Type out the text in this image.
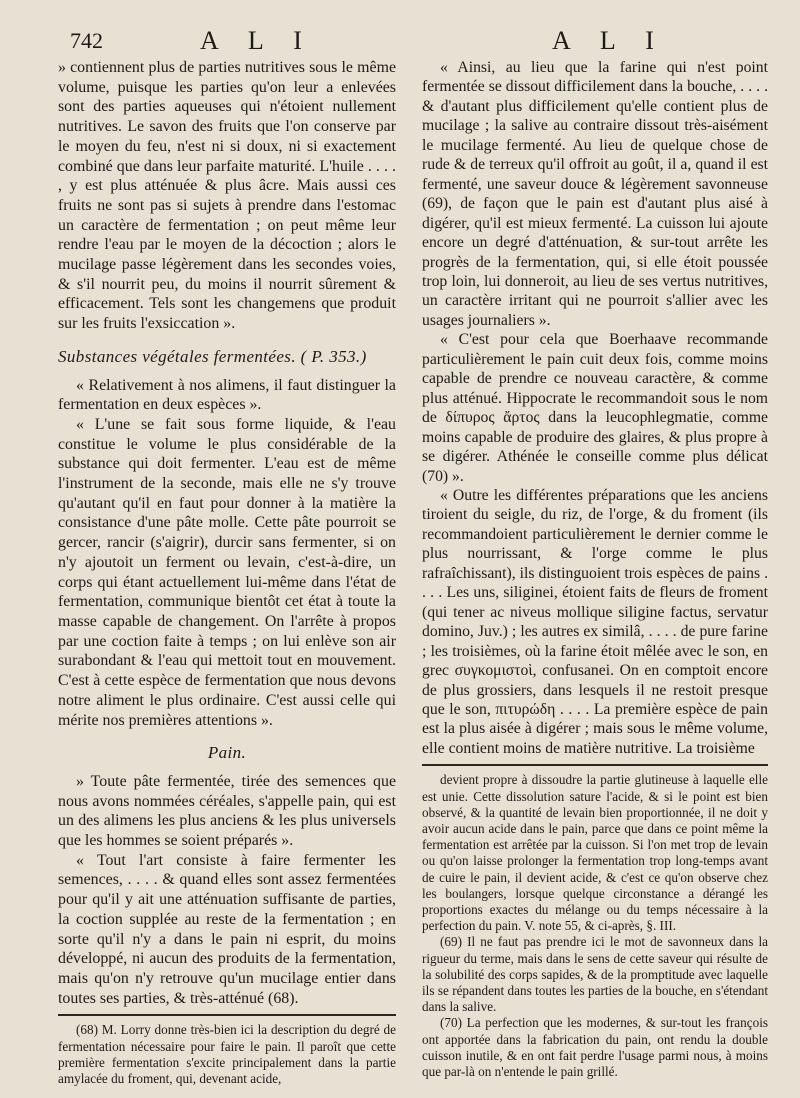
742	A L I	A L I

» contiennent plus de parties nutritives sous le même volume, puisque les parties qu'on leur a enlevées sont des parties aqueuses qui n'étoient nullement nutritives. Le savon des fruits que l'on conserve par le moyen du feu, n'est ni si doux, ni si exactement combiné que dans leur parfaite maturité. L'huile . . . . , y est plus atténuée & plus âcre. Mais aussi ces fruits ne sont pas si sujets à prendre dans l'estomac un caractère de fermentation ; on peut même leur rendre l'eau par le moyen de la décoction ; alors le mucilage passe légèrement dans les secondes voies, & s'il nourrit peu, du moins il nourrit sûrement & efficacement. Tels sont les changemens que produit sur les fruits l'exsiccation ».

Substances végétales fermentées. ( P. 353.)

« Relativement à nos alimens, il faut distinguer la fermentation en deux espèces ».

« L'une se fait sous forme liquide, & l'eau constitue le volume le plus considérable de la substance qui doit fermenter. L'eau est de même l'instrument de la seconde, mais elle ne s'y trouve qu'autant qu'il en faut pour donner à la matière la consistance d'une pâte molle. Cette pâte pourroit se gercer, rancir (s'aigrir), durcir sans fermenter, si on n'y ajoutoit un ferment ou levain, c'est-à-dire, un corps qui étant actuellement lui-même dans l'état de fermentation, communique bientôt cet état à toute la masse capable de changement. On l'arrête à propos par une coction faite à temps ; on lui enlève son air surabondant & l'eau qui mettoit tout en mouvement. C'est à cette espèce de fermentation que nous devons notre aliment le plus ordinaire. C'est aussi celle qui mérite nos premières attentions ».

Pain.

» Toute pâte fermentée, tirée des semences que nous avons nommées céréales, s'appelle pain, qui est un des alimens les plus anciens & les plus universels que les hommes se soient préparés ».

« Tout l'art consiste à faire fermenter les semences, . . . . & quand elles sont assez fermentées pour qu'il y ait une atténuation suffisante de parties, la coction supplée au reste de la fermentation ; en sorte qu'il n'y a dans le pain ni esprit, du moins développé, ni aucun des produits de la fermentation, mais qu'on n'y retrouve qu'un mucilage entier dans toutes ses parties, & très-atténué (68).

(68) M. Lorry donne très-bien ici la description du degré de fermentation nécessaire pour faire le pain. Il paroît que cette première fermentation s'excite principalement dans la partie amylacée du froment, qui, devenant acide,

« Ainsi, au lieu que la farine qui n'est point fermentée se dissout difficilement dans la bouche, . . . . & d'autant plus difficilement qu'elle contient plus de mucilage ; la salive au contraire dissout très-aisément le mucilage fermenté. Au lieu de quelque chose de rude & de terreux qu'il offroit au goût, il a, quand il est fermenté, une saveur douce & légèrement savonneuse (69), de façon que le pain est d'autant plus aisé à digérer, qu'il est mieux fermenté. La cuisson lui ajoute encore un degré d'atténuation, & sur-tout arrête les progrès de la fermentation, qui, si elle étoit poussée trop loin, lui donneroit, au lieu de ses vertus nutritives, un caractère irritant qui ne pourroit s'allier avec les usages journaliers ».

« C'est pour cela que Boerhaave recommande particulièrement le pain cuit deux fois, comme moins capable de prendre ce nouveau caractère, & comme plus atténué. Hippocrate le recommandoit sous le nom de δίπυρος ἄρτος dans la leucophlegmatie, comme moins capable de produire des glaires, & plus propre à se digérer. Athénée le conseille comme plus délicat (70) ».

« Outre les différentes préparations que les anciens tiroient du seigle, du riz, de l'orge, & du froment (ils recommandoient particulièrement le dernier comme le plus nourrissant, & l'orge comme le plus rafraîchissant), ils distinguoient trois espèces de pains . . . . Les uns, siliginei, étoient faits de fleurs de froment (qui tener ac niveus mollique siligine factus, servatur domino, Juv.) ; les autres ex similâ, . . . . de pure farine ; les troisièmes, où la farine étoit mêlée avec le son, en grec συγκομιστοὶ, confusanei. On en comptoit encore de plus grossiers, dans lesquels il ne restoit presque que le son, πιτυρώδη . . . . La première espèce de pain est la plus aisée à digérer ; mais sous le même volume, elle contient moins de matière nutritive. La troisième

devient propre à dissoudre la partie glutineuse à laquelle elle est unie. Cette dissolution sature l'acide, & si le point est bien observé, & la quantité de levain bien proportionnée, il ne doit y avoir aucun acide dans le pain, parce que dans ce point même la fermentation est arrêtée par la cuisson. Si l'on met trop de levain ou qu'on laisse prolonger la fermentation trop long-temps avant de cuire le pain, il devient acide, & c'est ce qu'on observe chez les boulangers, lorsque quelque circonstance a dérangé les proportions exactes du mélange ou du temps nécessaire à la perfection du pain. V. note 55, & ci-après, §. III.

(69) Il ne faut pas prendre ici le mot de savonneux dans la rigueur du terme, mais dans le sens de cette saveur qui résulte de la solubilité des corps sapides, & de la promptitude avec laquelle ils se répandent dans toutes les parties de la bouche, en s'étendant dans la salive.

(70) La perfection que les modernes, & sur-tout les françois ont apportée dans la fabrication du pain, ont rendu la double cuisson inutile, & en ont fait perdre l'usage parmi nous, à moins que par-là on n'entende le pain grillé.
